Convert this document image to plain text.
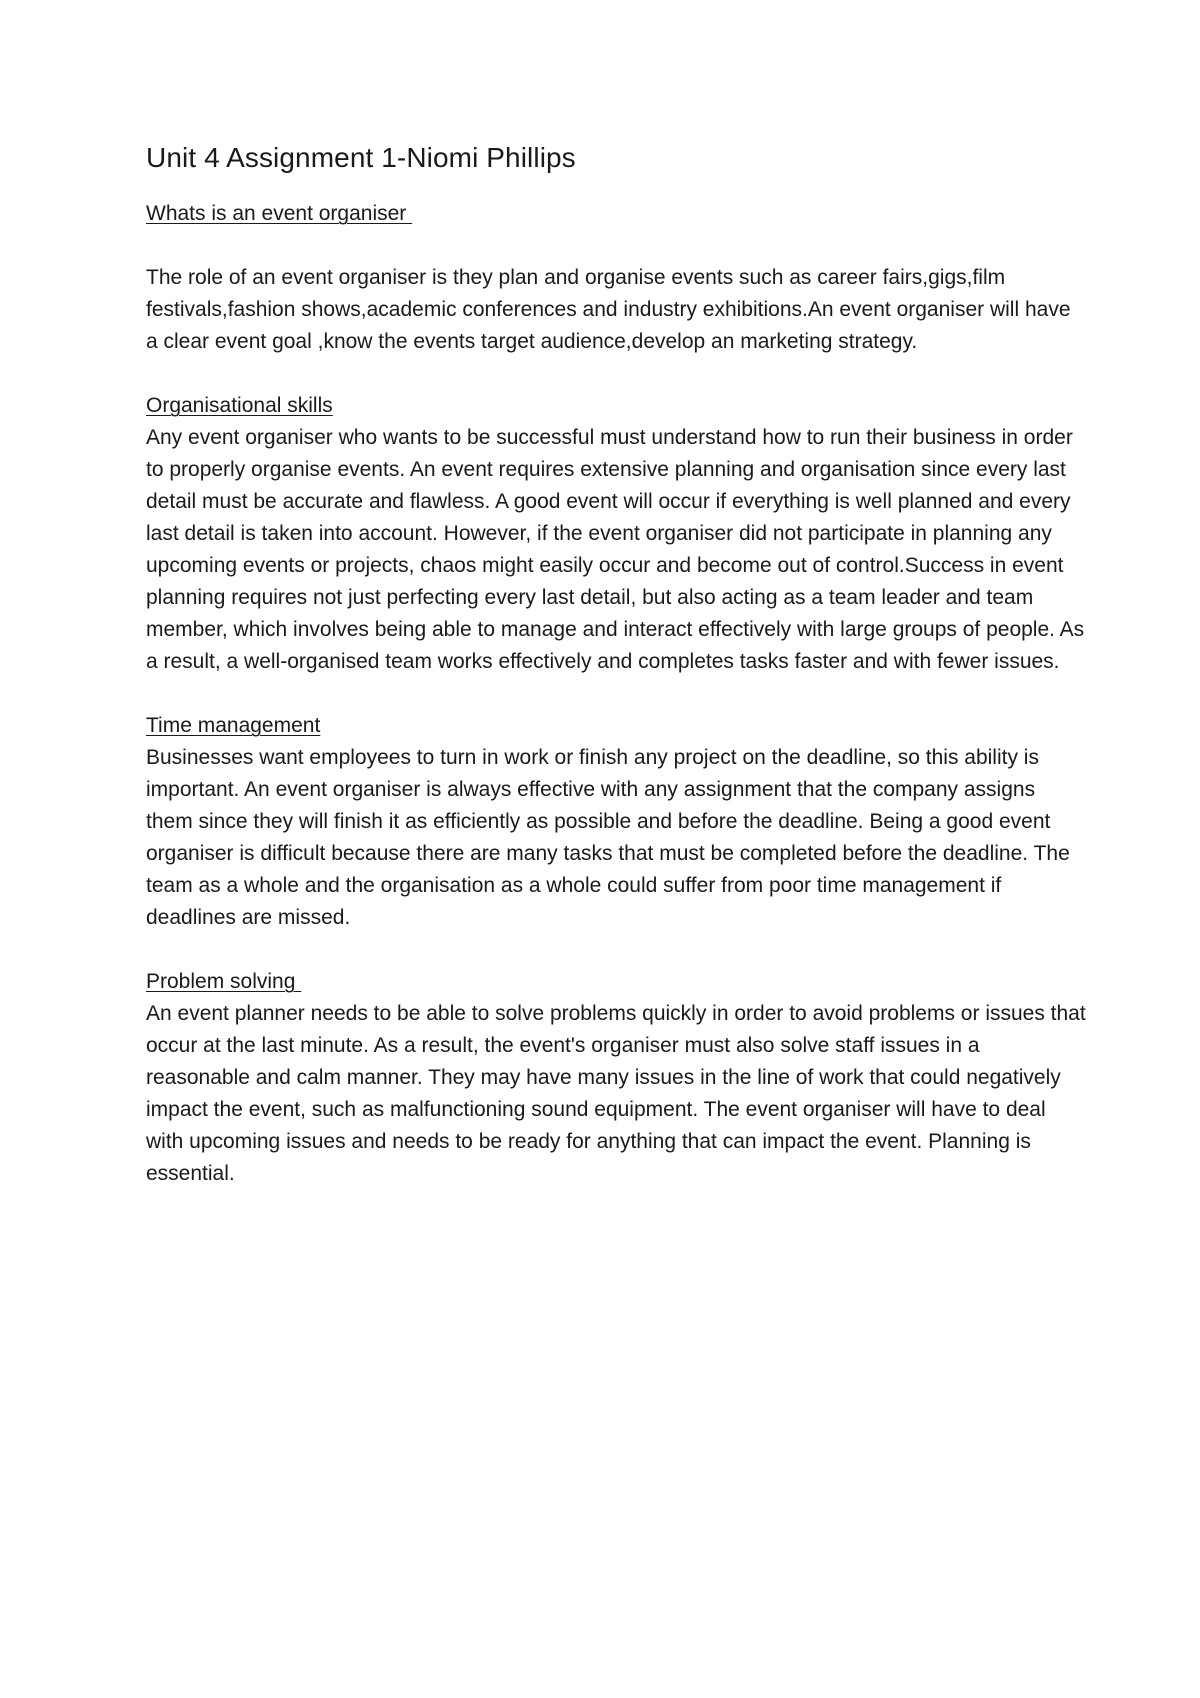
Unit 4 Assignment 1-Niomi Phillips

Whats is an event organiser

The role of an event organiser is they plan and organise events such as career fairs,gigs,film festivals,fashion shows,academic conferences and industry exhibitions.An event organiser will have a clear event goal ,know the events target audience,develop an marketing strategy.

Organisational skills

Any event organiser who wants to be successful must understand how to run their business in order to properly organise events. An event requires extensive planning and organisation since every last detail must be accurate and flawless. A good event will occur if everything is well planned and every last detail is taken into account. However, if the event organiser did not participate in planning any upcoming events or projects, chaos might easily occur and become out of control.Success in event planning requires not just perfecting every last detail, but also acting as a team leader and team member, which involves being able to manage and interact effectively with large groups of people. As a result, a well-organised team works effectively and completes tasks faster and with fewer issues.

Time management

Businesses want employees to turn in work or finish any project on the deadline, so this ability is important. An event organiser is always effective with any assignment that the company assigns them since they will finish it as efficiently as possible and before the deadline. Being a good event organiser is difficult because there are many tasks that must be completed before the deadline. The team as a whole and the organisation as a whole could suffer from poor time management if deadlines are missed.

Problem solving

An event planner needs to be able to solve problems quickly in order to avoid problems or issues that occur at the last minute. As a result, the event's organiser must also solve staff issues in a reasonable and calm manner. They may have many issues in the line of work that could negatively impact the event, such as malfunctioning sound equipment. The event organiser will have to deal with upcoming issues and needs to be ready for anything that can impact the event. Planning is essential.
